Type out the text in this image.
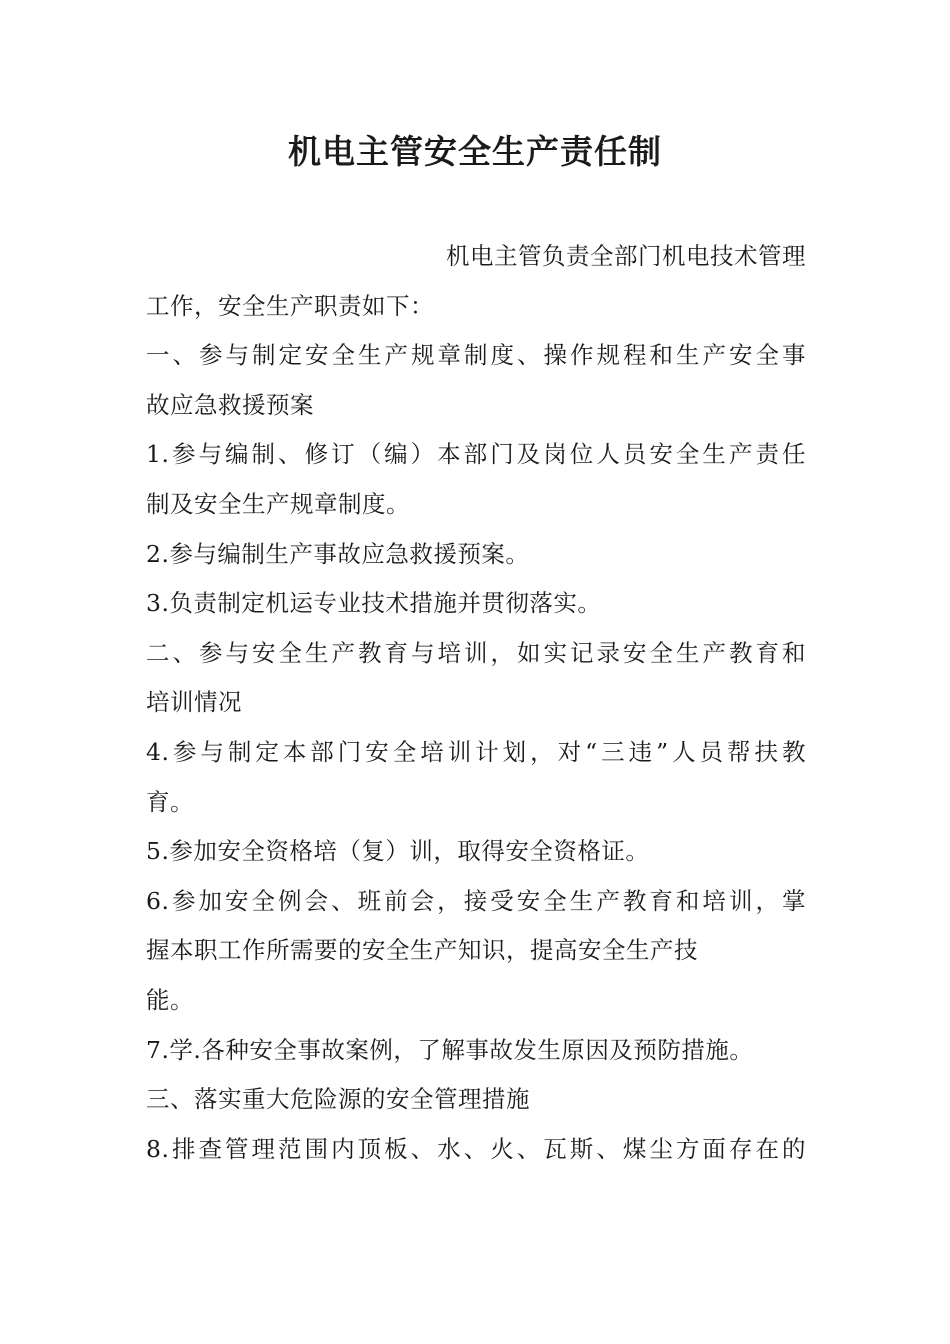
机电主管安全生产责任制
机电主管负责全部门机电技术管理
工作，安全生产职责如下：
一、参与制定安全生产规章制度、操作规程和生产安全事
故应急救援预案
1.参与编制、修订（编）本部门及岗位人员安全生产责任
制及安全生产规章制度。
2.参与编制生产事故应急救援预案。
3.负责制定机运专业技术措施并贯彻落实。
二、参与安全生产教育与培训，如实记录安全生产教育和
培训情况
4.参与制定本部门安全培训计划，对“三违”人员帮扶教
育。
5.参加安全资格培（复）训，取得安全资格证。
6.参加安全例会、班前会，接受安全生产教育和培训，掌
握本职工作所需要的安全生产知识，提高安全生产技
能。
7.学.各种安全事故案例，了解事故发生原因及预防措施。
三、落实重大危险源的安全管理措施
8.排查管理范围内顶板、水、火、瓦斯、煤尘方面存在的
